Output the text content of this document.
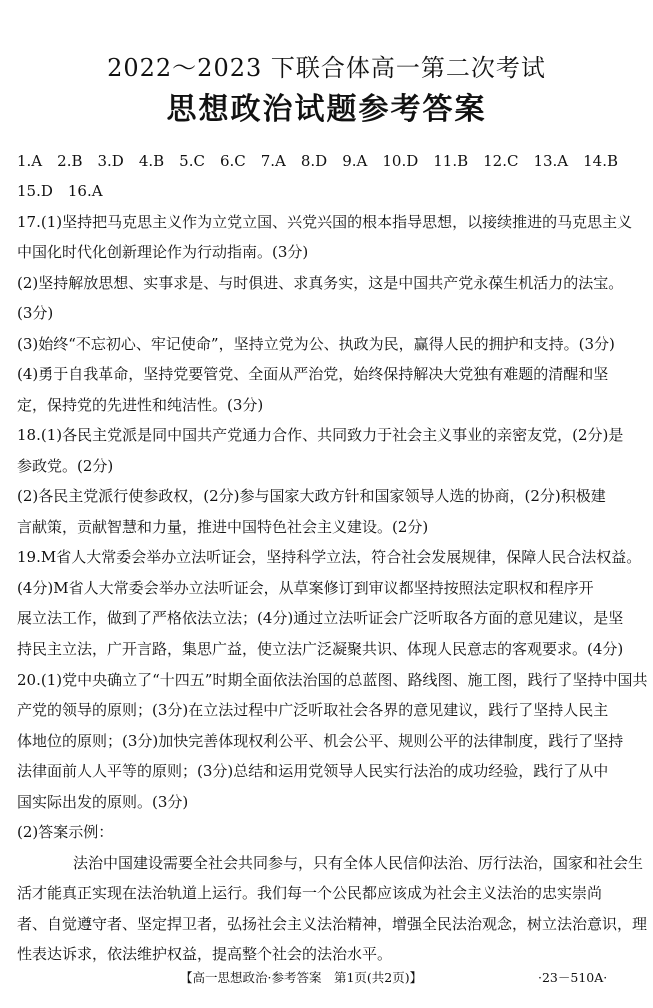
2022～2023 下联合体高一第二次考试
思想政治试题参考答案
1.A　2.B　3.D　4.B　5.C　6.C　7.A　8.D　9.A　10.D　11.B　12.C　13.A　14.B
15.D　16.A
17.(1)坚持把马克思主义作为立党立国、兴党兴国的根本指导思想，以接续推进的马克思主义
中国化时代化创新理论作为行动指南。(3分)
(2)坚持解放思想、实事求是、与时俱进、求真务实，这是中国共产党永葆生机活力的法宝。
(3分)
(3)始终“不忘初心、牢记使命”，坚持立党为公、执政为民，赢得人民的拥护和支持。(3分)
(4)勇于自我革命，坚持党要管党、全面从严治党，始终保持解决大党独有难题的清醒和坚
定，保持党的先进性和纯洁性。(3分)
18.(1)各民主党派是同中国共产党通力合作、共同致力于社会主义事业的亲密友党，(2分)是
参政党。(2分)
(2)各民主党派行使参政权，(2分)参与国家大政方针和国家领导人选的协商，(2分)积极建
言献策，贡献智慧和力量，推进中国特色社会主义建设。(2分)
19.M省人大常委会举办立法听证会，坚持科学立法，符合社会发展规律，保障人民合法权益。
(4分)M省人大常委会举办立法听证会，从草案修订到审议都坚持按照法定职权和程序开
展立法工作，做到了严格依法立法；(4分)通过立法听证会广泛听取各方面的意见建议，是坚
持民主立法，广开言路，集思广益，使立法广泛凝聚共识、体现人民意志的客观要求。(4分)
20.(1)党中央确立了“十四五”时期全面依法治国的总蓝图、路线图、施工图，践行了坚持中国共
产党的领导的原则；(3分)在立法过程中广泛听取社会各界的意见建议，践行了坚持人民主
体地位的原则；(3分)加快完善体现权利公平、机会公平、规则公平的法律制度，践行了坚持
法律面前人人平等的原则；(3分)总结和运用党领导人民实行法治的成功经验，践行了从中
国实际出发的原则。(3分)
(2)答案示例：
法治中国建设需要全社会共同参与，只有全体人民信仰法治、厉行法治，国家和社会生
活才能真正实现在法治轨道上运行。我们每一个公民都应该成为社会主义法治的忠实崇尚
者、自觉遵守者、坚定捍卫者，弘扬社会主义法治精神，增强全民法治观念，树立法治意识，理
性表达诉求，依法维护权益，提高整个社会的法治水平。
【高一思想政治·参考答案　第1页(共2页)】	·23－510A·
